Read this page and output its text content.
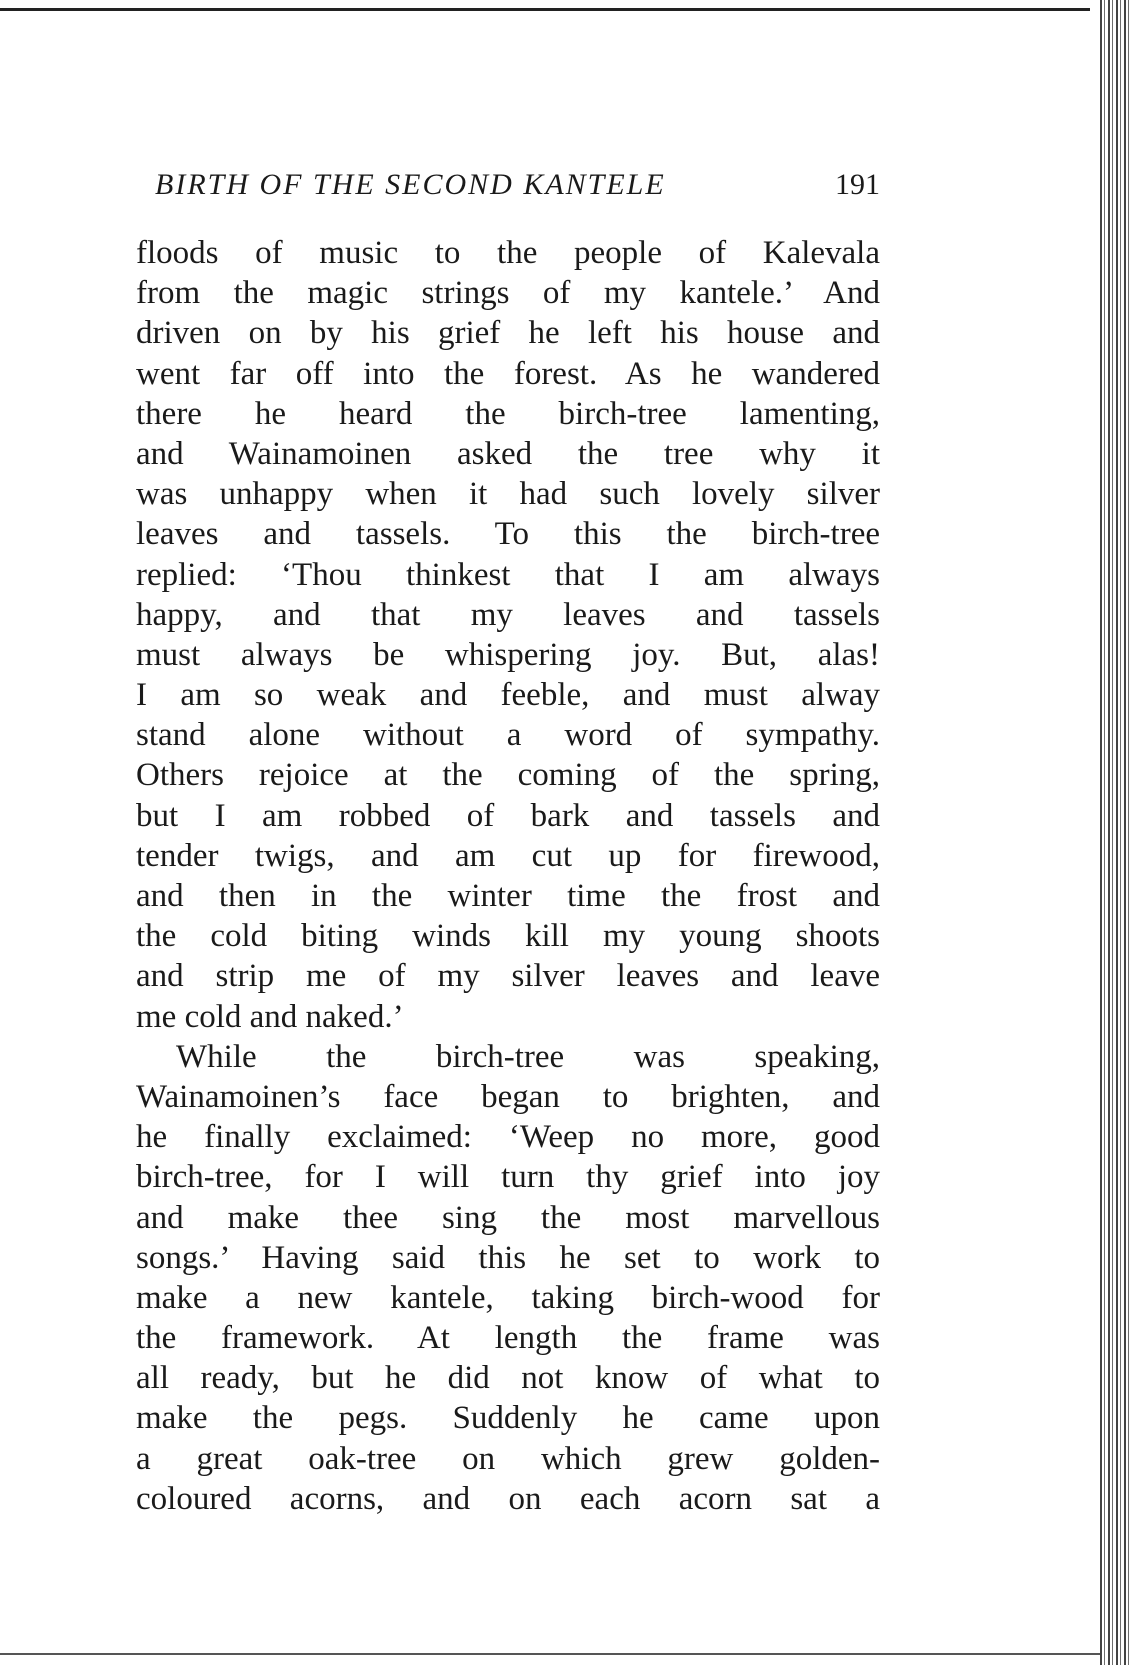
BIRTH OF THE SECOND KANTELE	191
floods of music to the people of Kalevala
from the magic strings of my kantele.’ And
driven on by his grief he left his house and
went far off into the forest. As he wandered
there he heard the birch-tree lamenting,
and Wainamoinen asked the tree why it
was unhappy when it had such lovely silver
leaves and tassels. To this the birch-tree
replied: ‘Thou thinkest that I am always
happy, and that my leaves and tassels
must always be whispering joy. But, alas!
I am so weak and feeble, and must alway
stand alone without a word of sympathy.
Others rejoice at the coming of the spring,
but I am robbed of bark and tassels and
tender twigs, and am cut up for firewood,
and then in the winter time the frost and
the cold biting winds kill my young shoots
and strip me of my silver leaves and leave
me cold and naked.’
While the birch-tree was speaking,
Wainamoinen’s face began to brighten, and
he finally exclaimed: ‘Weep no more, good
birch-tree, for I will turn thy grief into joy
and make thee sing the most marvellous
songs.’ Having said this he set to work to
make a new kantele, taking birch-wood for
the framework. At length the frame was
all ready, but he did not know of what to
make the pegs. Suddenly he came upon
a great oak-tree on which grew golden-
coloured acorns, and on each acorn sat a
